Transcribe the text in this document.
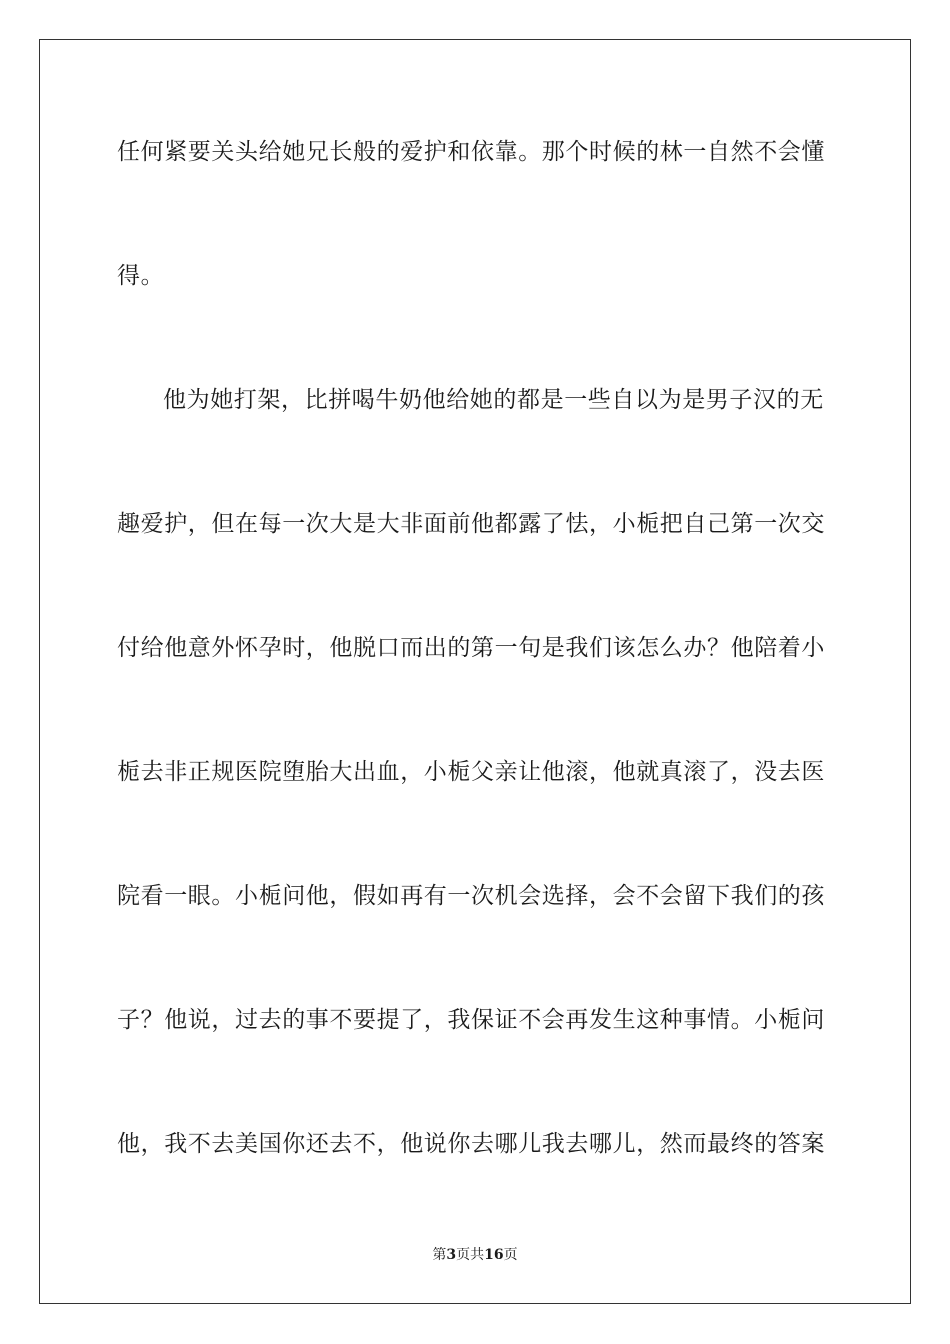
任何紧要关头给她兄长般的爱护和依靠。那个时候的林一自然不会懂
得。
他为她打架，比拼喝牛奶他给她的都是一些自以为是男子汉的无
趣爱护，但在每一次大是大非面前他都露了怯，小栀把自己第一次交
付给他意外怀孕时，他脱口而出的第一句是我们该怎么办？他陪着小
栀去非正规医院堕胎大出血，小栀父亲让他滚，他就真滚了，没去医
院看一眼。小栀问他，假如再有一次机会选择，会不会留下我们的孩
子？他说，过去的事不要提了，我保证不会再发生这种事情。小栀问
他，我不去美国你还去不，他说你去哪儿我去哪儿，然而最终的答案
第3页共16页
